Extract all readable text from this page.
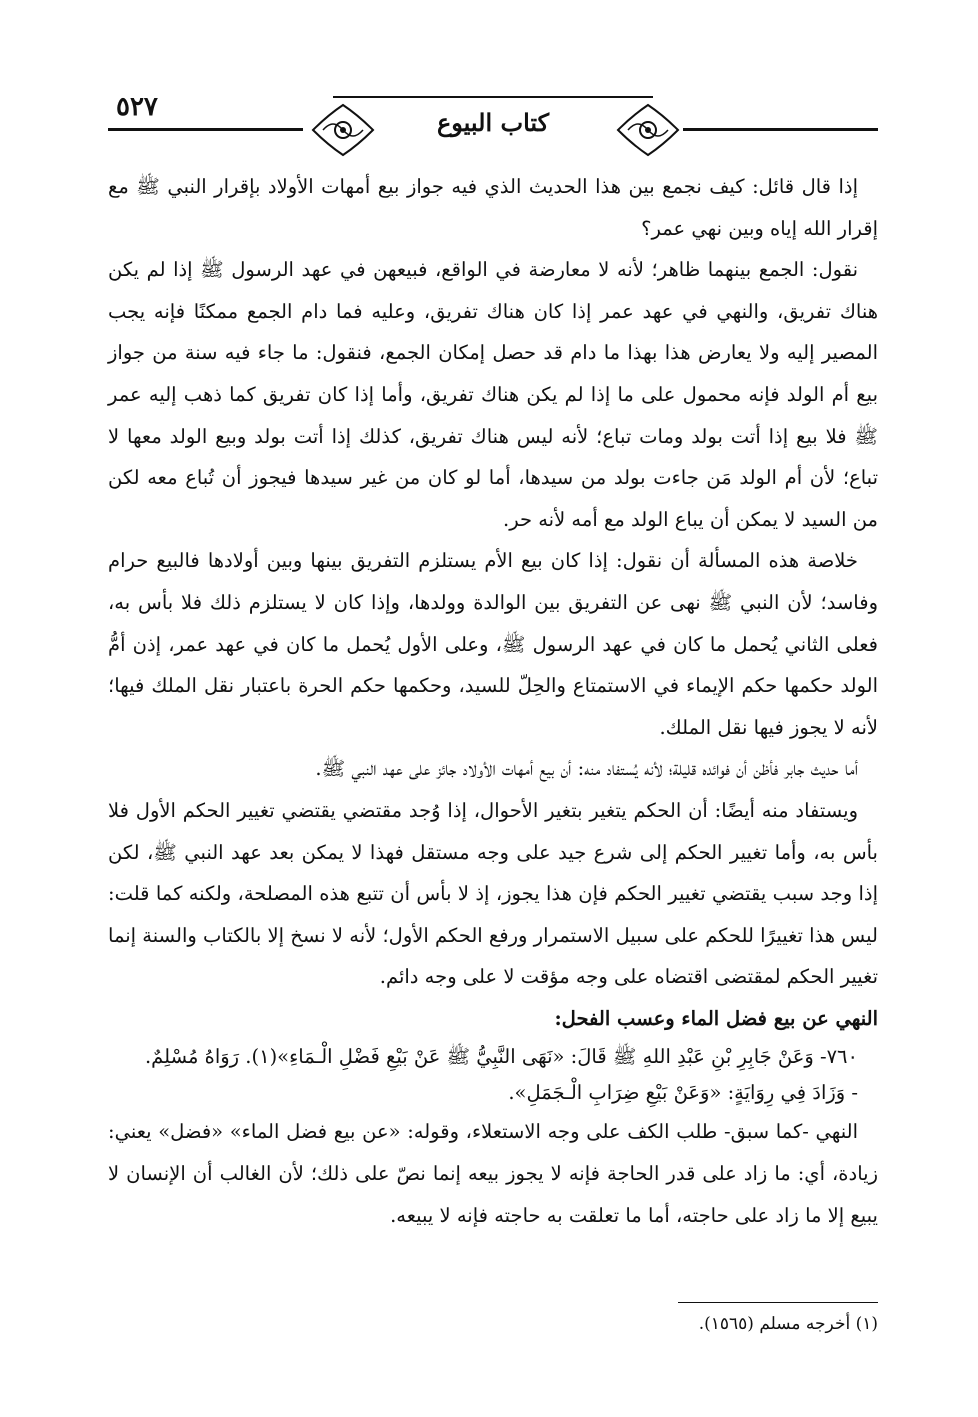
٥٢٧
كتاب البيوع

إذا قال قائل: كيف نجمع بين هذا الحديث الذي فيه جواز بيع أمهات الأولاد بإقرار النبي ﷺ مع إقرار الله إياه وبين نهي عمر؟

نقول: الجمع بينهما ظاهر؛ لأنه لا معارضة في الواقع، فبيعهن في عهد الرسول ﷺ إذا لم يكن هناك تفريق، والنهي في عهد عمر إذا كان هناك تفريق، وعليه فما دام الجمع ممكنًا فإنه يجب المصير إليه ولا يعارض هذا بهذا ما دام قد حصل إمكان الجمع، فنقول: ما جاء فيه سنة من جواز بيع أم الولد فإنه محمول على ما إذا لم يكن هناك تفريق، وأما إذا كان تفريق كما ذهب إليه عمر ﷺ فلا بيع إذا أتت بولد ومات تباع؛ لأنه ليس هناك تفريق، كذلك إذا أتت بولد وبيع الولد معها لا تباع؛ لأن أم الولد مَن جاءت بولد من سيدها، أما لو كان من غير سيدها فيجوز أن تُباع معه لكن من السيد لا يمكن أن يباع الولد مع أمه لأنه حر.

خلاصة هذه المسألة أن نقول: إذا كان بيع الأم يستلزم التفريق بينها وبين أولادها فالبيع حرام وفاسد؛ لأن النبي ﷺ نهى عن التفريق بين الوالدة وولدها، وإذا كان لا يستلزم ذلك فلا بأس به، فعلى الثاني يُحمل ما كان في عهد الرسول ﷺ، وعلى الأول يُحمل ما كان في عهد عمر، إذن أمُّ الولد حكمها حكم الإيماء في الاستمتاع والحِلّ للسيد، وحكمها حكم الحرة باعتبار نقل الملك فيها؛ لأنه لا يجوز فيها نقل الملك.

أما حديث جابر فأظن أن فوائده قليلة؛ لأنه يُستفاد منه: أن بيع أمهات الأولاد جائز على عهد النبي ﷺ.

ويستفاد منه أيضًا: أن الحكم يتغير بتغير الأحوال، إذا وُجد مقتضي يقتضي تغيير الحكم الأول فلا بأس به، وأما تغيير الحكم إلى شرع جيد على وجه مستقل فهذا لا يمكن بعد عهد النبي ﷺ، لكن إذا وجد سبب يقتضي تغيير الحكم فإن هذا يجوز، إذ لا بأس أن تتبع هذه المصلحة، ولكنه كما قلت: ليس هذا تغييرًا للحكم على سبيل الاستمرار ورفع الحكم الأول؛ لأنه لا نسخ إلا بالكتاب والسنة إنما تغيير الحكم لمقتضى اقتضاه على وجه مؤقت لا على وجه دائم.

النهي عن بيع فضل الماء وعسب الفحل:

٧٦٠- وَعَنْ جَابِرِ بْنِ عَبْدِ اللهِ ﷺ قَالَ: «نَهَى النَّبِيُّ ﷺ عَنْ بَيْعِ فَضْلِ الْـمَاءِ»(١). رَوَاهُ مُسْلِمٌ.

- وَزَادَ فِي رِوَايَةٍ: «وَعَنْ بَيْعِ ضِرَابِ الْـجَمَلِ».

النهي -كما سبق- طلب الكف على وجه الاستعلاء، وقوله: «عن بيع فضل الماء» «فضل» يعني: زيادة، أي: ما زاد على قدر الحاجة فإنه لا يجوز بيعه إنما نصّ على ذلك؛ لأن الغالب أن الإنسان لا يبيع إلا ما زاد على حاجته، أما ما تعلقت به حاجته فإنه لا يبيعه.

(١) أخرجه مسلم (١٥٦٥).
